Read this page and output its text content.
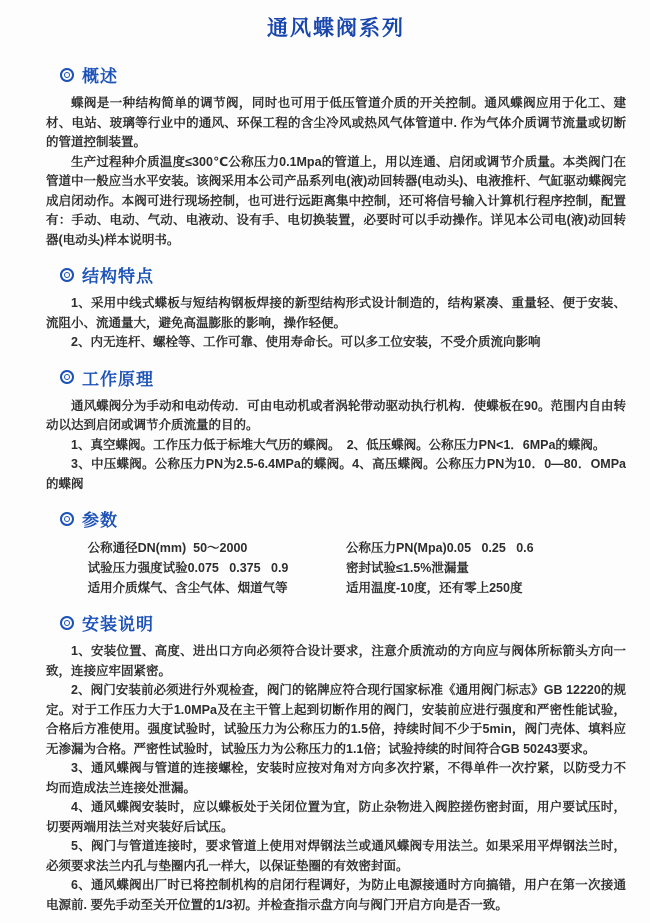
通风蝶阀系列
概述

蝶阀是一种结构简单的调节阀，同时也可用于低压管道介质的开关控制。通风蝶阀应用于化工、建材、电站、玻璃等行业中的通风、环保工程的含尘冷风或热风气体管道中. 作为气体介质调节流量或切断的管道控制装置。

生产过程种介质温度≤300℃公称压力0.1Mpa的管道上，用以连通、启闭或调节介质量。本类阀门在管道中一般应当水平安装。该阀采用本公司产品系列电(液)动回转器(电动头)、电液推杆、气缸驱动蝶阀完成启闭动作。本阀可进行现场控制，也可进行远距离集中控制，还可将信号输入计算机行程序控制，配置有：手动、电动、气动、电液动、设有手、电切换装置，必要时可以手动操作。详见本公司电(液)动回转器(电动头)样本说明书。

结构特点

1、采用中线式蝶板与短结构钢板焊接的新型结构形式设计制造的，结构紧凑、重量轻、便于安装、流阻小、流通量大，避免高温膨胀的影响，操作轻便。

2、内无连杆、螺栓等、工作可靠、使用寿命长。可以多工位安装，不受介质流向影响

工作原理

通风蝶阀分为手动和电动传动．可由电动机或者涡轮带动驱动执行机构．使蝶板在90。范围内自由转动以达到启闭或调节介质流量的目的。

1、真空蝶阀。工作压力低于标堆大气历的蝶阀。　2、低压蝶阀。公称压力PN<1．6MPa的蝶阀。

3、中压蝶阀。公称压力PN为2.5-6.4MPa的蝶阀。4、高压蝶阀。公称压力PN为10．0—80．OMPa的蝶阀

参数
公称通径DN(mm)  50～2000
试验压力强度试验0.075   0.375   0.9
适用介质煤气、含尘气体、烟道气等
公称压力PN(Mpa)0.05   0.25   0.6
密封试验≤1.5%泄漏量
适用温度-10度，还有零上250度
安装说明

1、安装位置、高度、进出口方向必须符合设计要求，注意介质流动的方向应与阀体所标箭头方向一致，连接应牢固紧密。

2、阀门安装前必须进行外观检查，阀门的铭牌应符合现行国家标准《通用阀门标志》GB 12220的规定。对于工作压力大于1.0MPa及在主干管上起到切断作用的阀门，安装前应进行强度和严密性能试验，合格后方准使用。强度试验时，试验压力为公称压力的1.5倍，持续时间不少于5min，阀门壳体、填料应无渗漏为合格。严密性试验时，试验压力为公称压力的1.1倍；试验持续的时间符合GB 50243要求。

3、通风蝶阀与管道的连接螺栓，安装时应按对角对方向多次拧紧，不得单件一次拧紧，以防受力不均而造成法兰连接处泄漏。

4、通风蝶阀安装时，应以蝶板处于关闭位置为宜，防止杂物进入阀腔搓伤密封面，用户要试压时，切要两端用法兰对夹装好后试压。

5、阀门与管道连接时，要求管道上使用对焊钢法兰或通风蝶阀专用法兰。如果采用平焊钢法兰时，必须要求法兰内孔与垫圈内孔一样大，以保证垫圈的有效密封面。

6、通风蝶阀出厂时已将控制机构的启闭行程调好，为防止电源接通时方向搞错，用户在第一次接通电源前. 要先手动至关开位置的1/3初。并检查指示盘方向与阀门开启方向是否一致。
